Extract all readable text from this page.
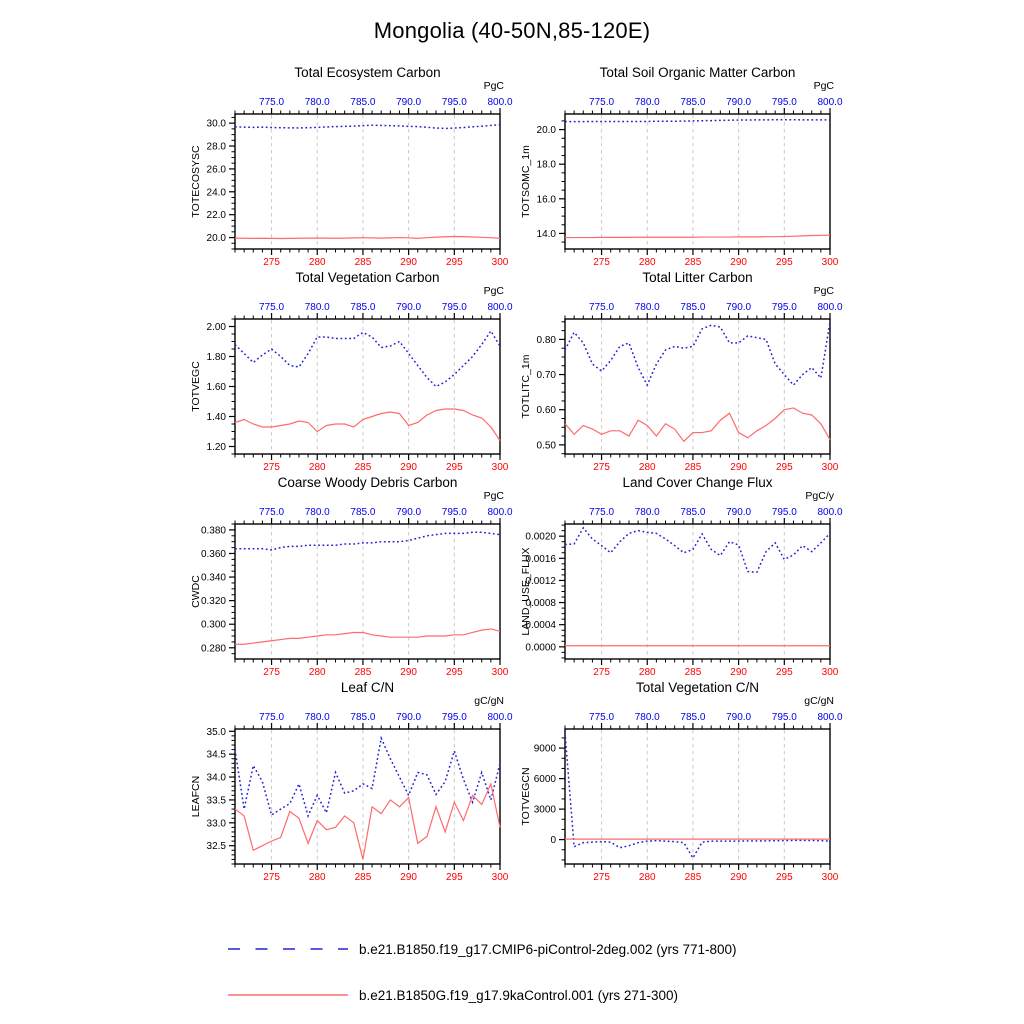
Mongolia (40-50N,85-120E)
20.0
22.0
24.0
26.0
28.0
30.0
275	280	285	290	295	300
775.0 780.0 785.0 790.0 795.0 800.0
Total Ecosystem Carbon
PgC
TOTECOSYSC
14.0
16.0
18.0
20.0
275	280	285	290	295	300
775.0 780.0 785.0 790.0 795.0 800.0
Total Soil Organic Matter Carbon
PgC
TOTSOMC_1m
1.20
1.40
1.60
1.80
2.00
275	280	285	290	295	300
775.0 780.0 785.0 790.0 795.0 800.0
Total Vegetation Carbon
PgC
TOTVEGC
0.50
0.60
0.70
0.80
275	280	285	290	295	300
775.0 780.0 785.0 790.0 795.0 800.0
Total Litter Carbon
PgC
TOTLITC_1m
0.280
0.300
0.320
0.340
0.360
0.380
275	280	285	290	295	300
775.0 780.0 785.0 790.0 795.0 800.0
Coarse Woody Debris Carbon
PgC
CWDC
0.0000
0.0004
0.0008
0.0012
0.0016
0.0020
275	280	285	290	295	300
775.0 780.0 785.0 790.0 795.0 800.0
Land Cover Change Flux
PgC/y
LAND_USE_FLUX
32.5
33.0
33.5
34.0
34.5
35.0
275	280	285	290	295	300
775.0 780.0 785.0 790.0 795.0 800.0
Leaf C/N
gC/gN
LEAFCN
0
3000
6000
9000
275	280	285	290	295	300
775.0 780.0 785.0 790.0 795.0 800.0
Total Vegetation C/N
gC/gN
TOTVEGCN
b.e21.B1850.f19_g17.CMIP6-piControl-2deg.002 (yrs 771-800)
b.e21.B1850G.f19_g17.9kaControl.001 (yrs 271-300)
